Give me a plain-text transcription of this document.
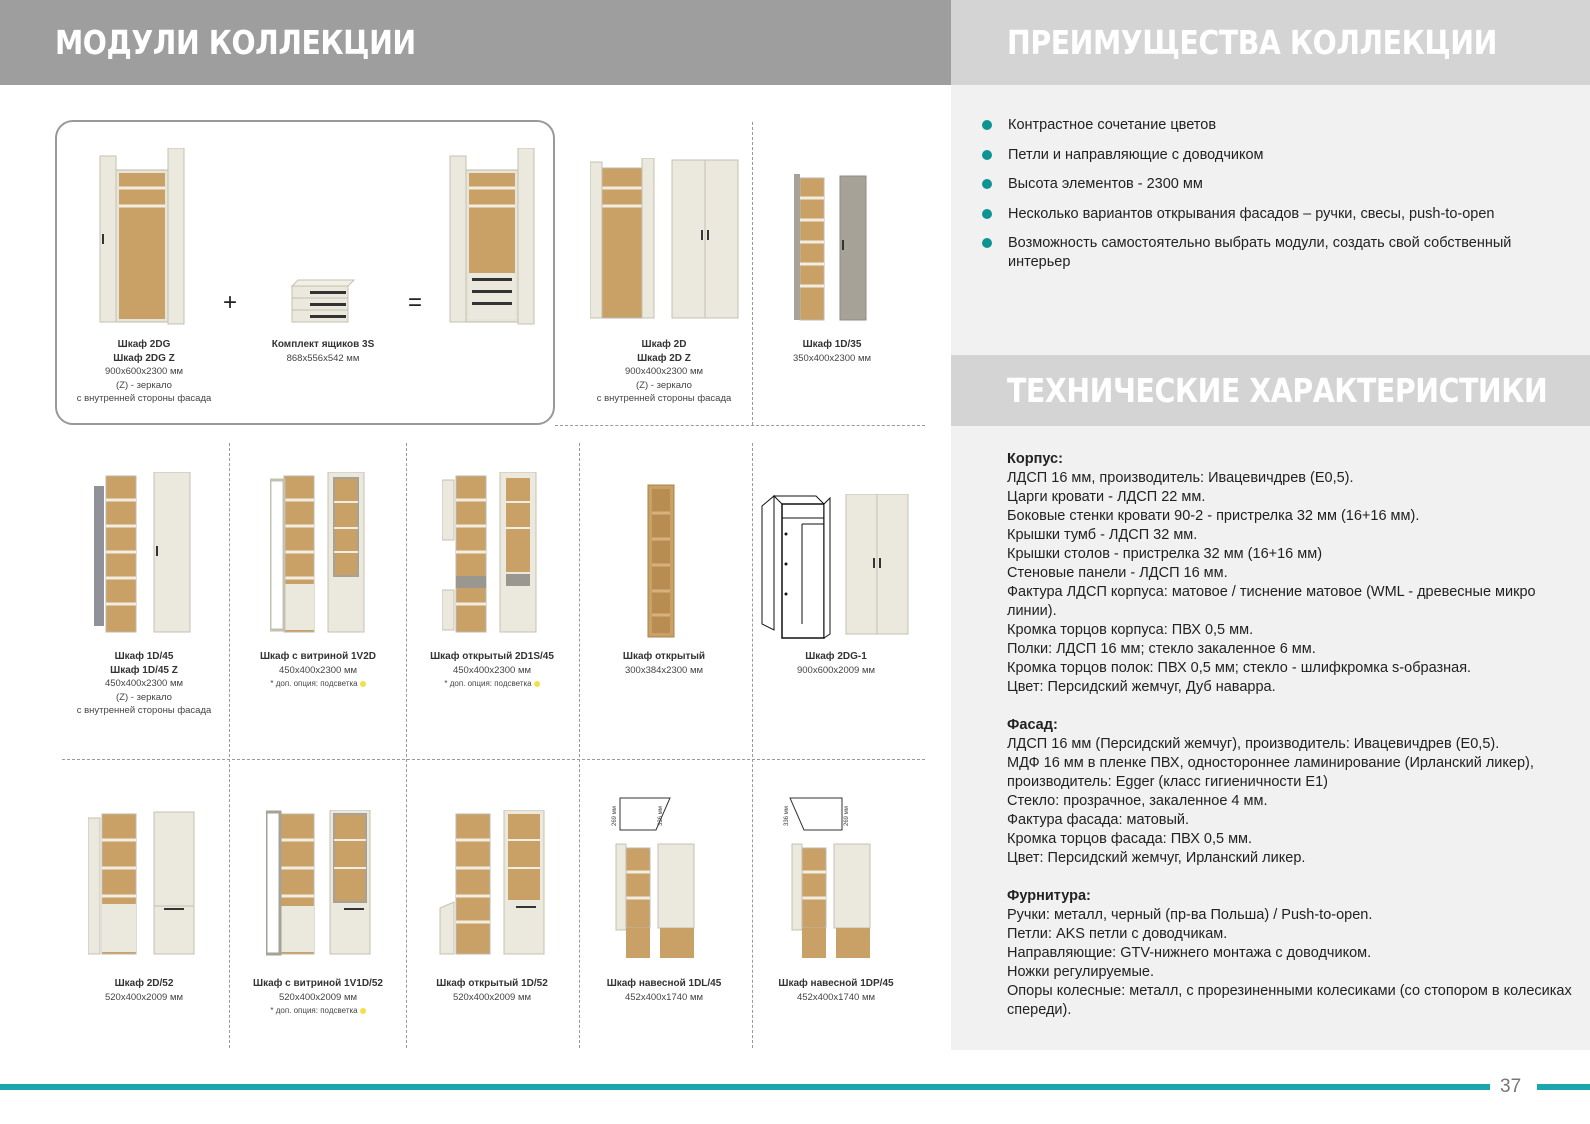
МОДУЛИ КОЛЛЕКЦИИ	ПРЕИМУЩЕСТВА КОЛЛЕКЦИИ
Контрастное сочетание цветов
Петли и направляющие с доводчиком
Высота элементов - 2300 мм
Несколько вариантов открывания фасадов – ручки, свесы, push-to-open
Возможность самостоятельно выбрать модули, создать свой собственный интерьер
ТЕХНИЧЕСКИЕ ХАРАКТЕРИСТИКИ
Корпус:
ЛДСП 16 мм, производитель: Ивацевичдрев (Е0,5).
Царги кровати - ЛДСП 22 мм.
Боковые стенки кровати 90-2 - пристрелка 32 мм (16+16 мм).
Крышки тумб - ЛДСП 32 мм.
Крышки столов - пристрелка 32 мм (16+16 мм)
Стеновые панели - ЛДСП 16 мм.
Фактура ЛДСП корпуса: матовое / тиснение матовое (WML - древесные микро линии).
Кромка торцов корпуса: ПВХ 0,5 мм.
Полки: ЛДСП 16 мм; стекло закаленное 6 мм.
Кромка торцов полок: ПВХ 0,5 мм; стекло - шлифкромка s-образная.
Цвет: Персидский жемчуг, Дуб наварра.
Фасад:
ЛДСП 16 мм (Персидский жемчуг), производитель: Ивацевичдрев (Е0,5).
МДФ 16 мм в пленке ПВХ, одностороннее ламинирование (Ирланский ликер), производитель: Egger (класс гигиеничности Е1)
Стекло: прозрачное, закаленное 4 мм.
Фактура фасада: матовый.
Кромка торцов фасада: ПВХ 0,5 мм.
Цвет: Персидский жемчуг, Ирланский ликер.
Фурнитура:
Ручки: металл, черный (пр-ва Польша) / Push-to-open.
Петли: AKS петли с доводчикам.
Направляющие: GTV-нижнего монтажа с доводчиком.
Ножки регулируемые.
Опоры колесные: металл, с прорезиненными колесиками (со стопором в колесиках спереди).
37
+	=
Шкаф 2DG
Шкаф 2DG Z
900x600x2300 мм
(Z) - зеркало
с внутренней стороны фасада
Комплект ящиков 3S
868x556x542 мм
Шкаф 2D
Шкаф 2D Z
900x400x2300 мм
(Z) - зеркало
с внутренней стороны фасада
Шкаф 1D/35
350x400x2300 мм
Шкаф 1D/45
Шкаф 1D/45 Z
450x400x2300 мм
(Z) - зеркало
с внутренней стороны фасада
Шкаф с витриной 1V2D
450x400x2300 мм
* доп. опция: подсветка
Шкаф открытый 2D1S/45
450x400x2300 мм
* доп. опция: подсветка
Шкаф открытый
300x384x2300 мм
Шкаф 2DG-1
900x600x2009 мм
269 мм	336 мм	336 мм	269 мм
Шкаф 2D/52
520x400x2009 мм
Шкаф с витриной 1V1D/52
520x400x2009 мм
* доп. опция: подсветка
Шкаф открытый 1D/52
520x400x2009 мм
Шкаф навесной 1DL/45
452x400x1740 мм
Шкаф навесной 1DP/45
452x400x1740 мм
